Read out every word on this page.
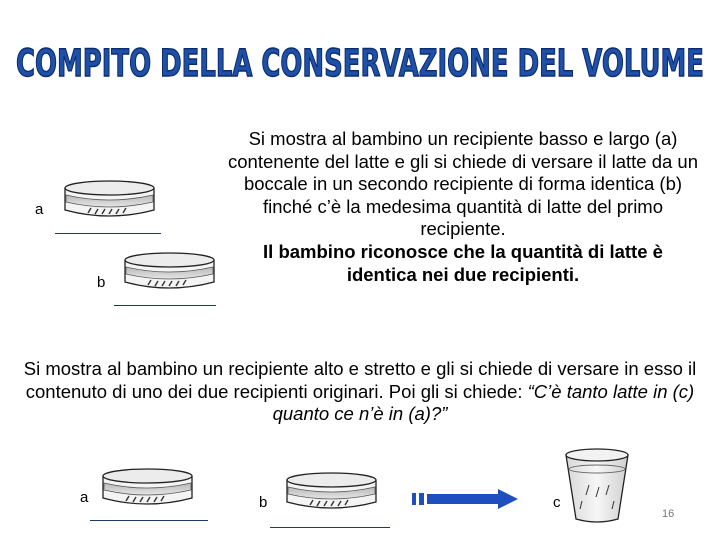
COMPITO DELLA CONSERVAZIONE DEL VOLUME
a
b
Si mostra al bambino un recipiente basso e largo (a) contenente del latte e gli si chiede di versare il latte da un boccale in un secondo recipiente di forma identica (b) finché c’è la medesima quantità di latte del primo recipiente.
Il bambino riconosce che la quantità di latte è identica nei due recipienti.
Si mostra al bambino un recipiente alto e stretto e gli si chiede di versare in esso il contenuto di uno dei due recipienti originari. Poi gli si chiede: “C’è tanto latte in (c) quanto ce n’è in (a)?”
a	b	c
16
